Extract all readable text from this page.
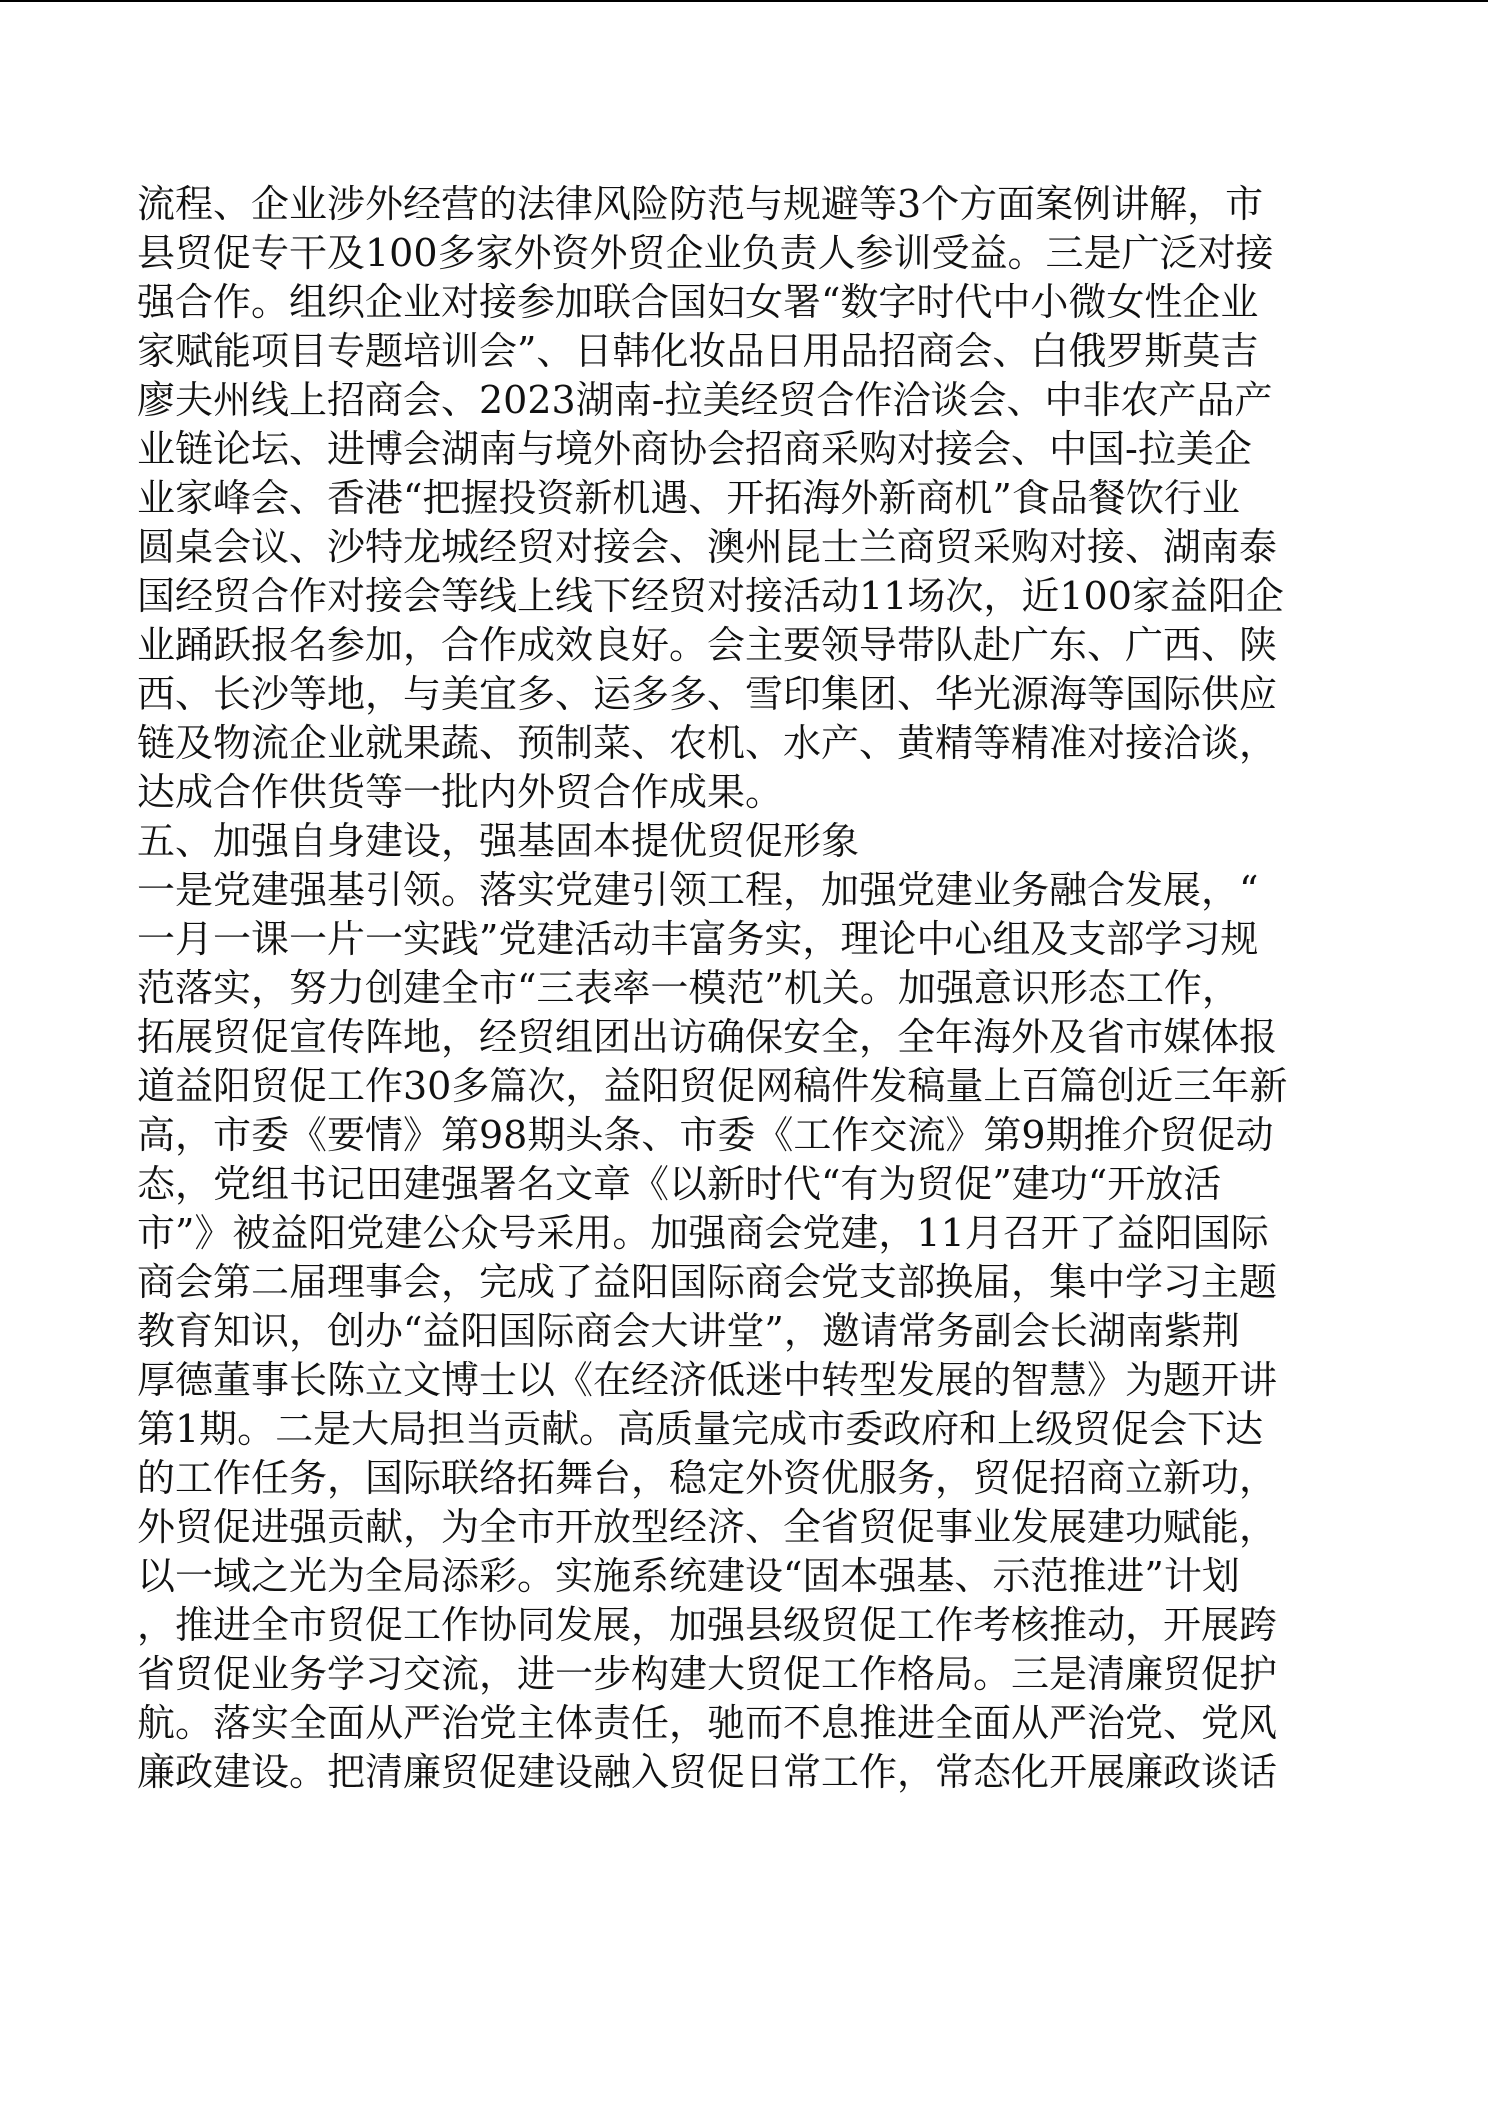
流程、企业涉外经营的法律风险防范与规避等3个方面案例讲解，市
县贸促专干及100多家外资外贸企业负责人参训受益。三是广泛对接
强合作。组织企业对接参加联合国妇女署“数字时代中小微女性企业
家赋能项目专题培训会”、日韩化妆品日用品招商会、白俄罗斯莫吉
廖夫州线上招商会、2023湖南-拉美经贸合作洽谈会、中非农产品产
业链论坛、进博会湖南与境外商协会招商采购对接会、中国-拉美企
业家峰会、香港“把握投资新机遇、开拓海外新商机”食品餐饮行业
圆桌会议、沙特龙城经贸对接会、澳州昆士兰商贸采购对接、湖南泰
国经贸合作对接会等线上线下经贸对接活动11场次，近100家益阳企
业踊跃报名参加，合作成效良好。会主要领导带队赴广东、广西、陕
西、长沙等地，与美宜多、运多多、雪印集团、华光源海等国际供应
链及物流企业就果蔬、预制菜、农机、水产、黄精等精准对接洽谈，
达成合作供货等一批内外贸合作成果。
五、加强自身建设，强基固本提优贸促形象
一是党建强基引领。落实党建引领工程，加强党建业务融合发展，“
一月一课一片一实践”党建活动丰富务实，理论中心组及支部学习规
范落实，努力创建全市“三表率一模范”机关。加强意识形态工作，
拓展贸促宣传阵地，经贸组团出访确保安全，全年海外及省市媒体报
道益阳贸促工作30多篇次，益阳贸促网稿件发稿量上百篇创近三年新
高，市委《要情》第98期头条、市委《工作交流》第9期推介贸促动
态，党组书记田建强署名文章《以新时代“有为贸促”建功“开放活
市”》被益阳党建公众号采用。加强商会党建，11月召开了益阳国际
商会第二届理事会，完成了益阳国际商会党支部换届，集中学习主题
教育知识，创办“益阳国际商会大讲堂”，邀请常务副会长湖南紫荆
厚德董事长陈立文博士以《在经济低迷中转型发展的智慧》为题开讲
第1期。二是大局担当贡献。高质量完成市委政府和上级贸促会下达
的工作任务，国际联络拓舞台，稳定外资优服务，贸促招商立新功，
外贸促进强贡献，为全市开放型经济、全省贸促事业发展建功赋能，
以一域之光为全局添彩。实施系统建设“固本强基、示范推进”计划
，推进全市贸促工作协同发展，加强县级贸促工作考核推动，开展跨
省贸促业务学习交流，进一步构建大贸促工作格局。三是清廉贸促护
航。落实全面从严治党主体责任，驰而不息推进全面从严治党、党风
廉政建设。把清廉贸促建设融入贸促日常工作，常态化开展廉政谈话
